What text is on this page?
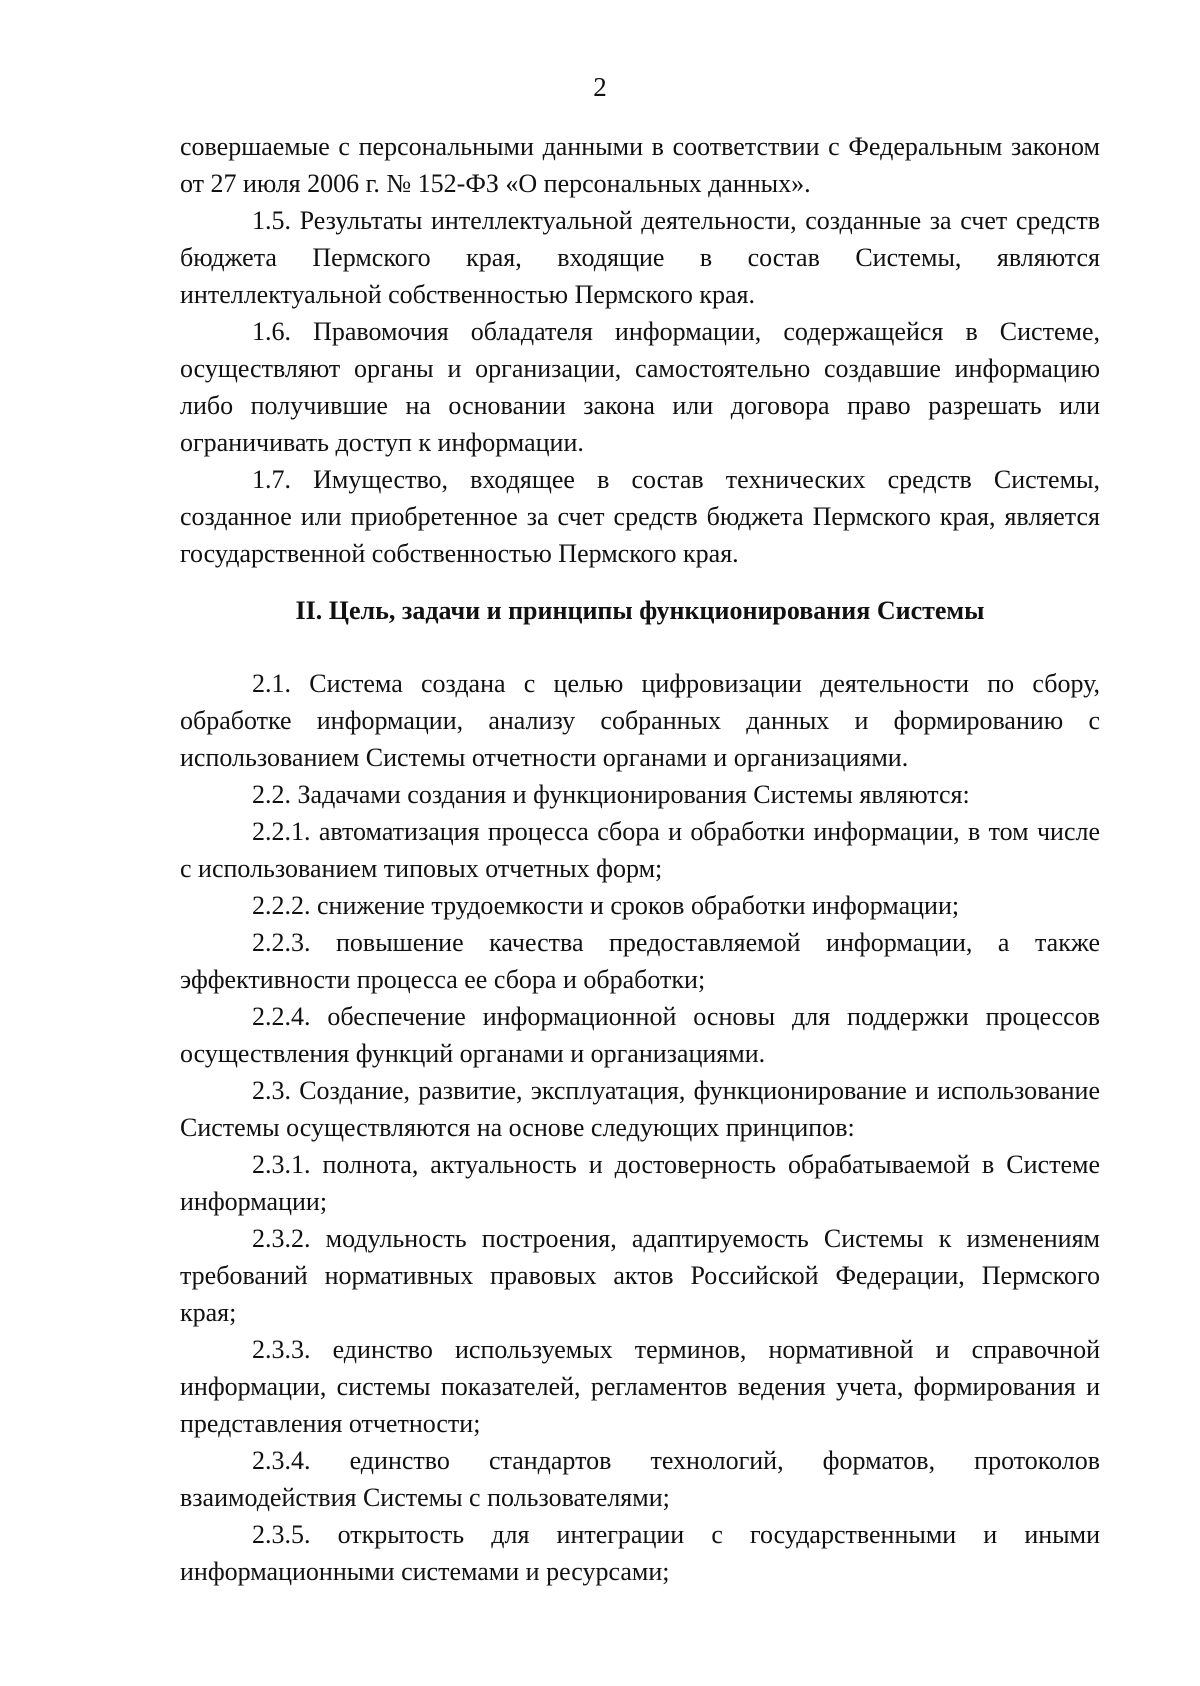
2

совершаемые с персональными данными в соответствии с Федеральным законом от 27 июля 2006 г. № 152-ФЗ «О персональных данных».

1.5. Результаты интеллектуальной деятельности, созданные за счет средств бюджета Пермского края, входящие в состав Системы, являются интеллектуальной собственностью Пермского края.

1.6. Правомочия обладателя информации, содержащейся в Системе, осуществляют органы и организации, самостоятельно создавшие информацию либо получившие на основании закона или договора право разрешать или ограничивать доступ к информации.

1.7. Имущество, входящее в состав технических средств Системы, созданное или приобретенное за счет средств бюджета Пермского края, является государственной собственностью Пермского края.

II. Цель, задачи и принципы функционирования Системы

2.1. Система создана с целью цифровизации деятельности по сбору, обработке информации, анализу собранных данных и формированию с использованием Системы отчетности органами и организациями.

2.2. Задачами создания и функционирования Системы являются:

2.2.1. автоматизация процесса сбора и обработки информации, в том числе с использованием типовых отчетных форм;

2.2.2. снижение трудоемкости и сроков обработки информации;

2.2.3. повышение качества предоставляемой информации, а также эффективности процесса ее сбора и обработки;

2.2.4. обеспечение информационной основы для поддержки процессов осуществления функций органами и организациями.

2.3. Создание, развитие, эксплуатация, функционирование и использование Системы осуществляются на основе следующих принципов:

2.3.1. полнота, актуальность и достоверность обрабатываемой в Системе информации;

2.3.2. модульность построения, адаптируемость Системы к изменениям требований нормативных правовых актов Российской Федерации, Пермского края;

2.3.3. единство используемых терминов, нормативной и справочной информации, системы показателей, регламентов ведения учета, формирования и представления отчетности;

2.3.4. единство стандартов технологий, форматов, протоколов взаимодействия Системы с пользователями;

2.3.5. открытость для интеграции с государственными и иными информационными системами и ресурсами;
